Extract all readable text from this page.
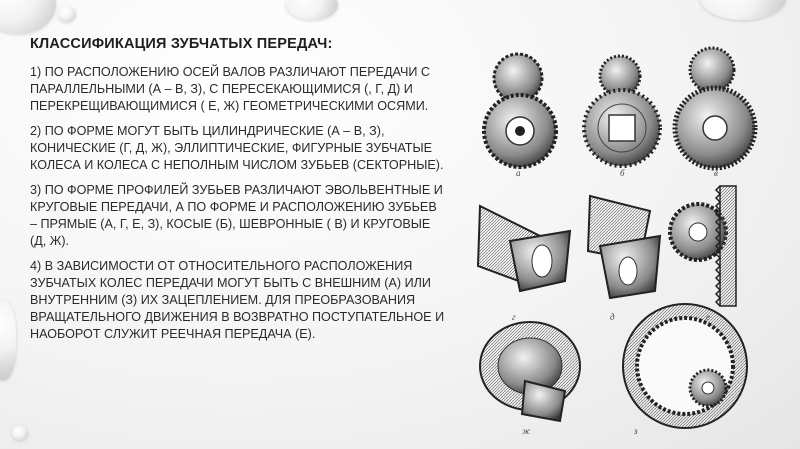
КЛАССИФИКАЦИЯ ЗУБЧАТЫХ ПЕРЕДАЧ:
1) ПО РАСПОЛОЖЕНИЮ ОСЕЙ ВАЛОВ РАЗЛИЧАЮТ ПЕРЕДАЧИ С ПАРАЛЛЕЛЬНЫМИ (А – В, З), С ПЕРЕСЕКАЮЩИМИСЯ (, Г, Д) И ПЕРЕКРЕЩИВАЮЩИМИСЯ ( Е, Ж) ГЕОМЕТРИЧЕСКИМИ ОСЯМИ.
2) ПО ФОРМЕ МОГУТ БЫТЬ ЦИЛИНДРИЧЕСКИЕ (А – В, З), КОНИЧЕСКИЕ (Г, Д, Ж), ЭЛЛИПТИЧЕСКИЕ, ФИГУРНЫЕ ЗУБЧАТЫЕ КОЛЕСА И КОЛЕСА С НЕПОЛНЫМ ЧИСЛОМ ЗУБЬЕВ (СЕКТОРНЫЕ).
3) ПО ФОРМЕ ПРОФИЛЕЙ ЗУБЬЕВ РАЗЛИЧАЮТ ЭВОЛЬВЕНТНЫЕ И КРУГОВЫЕ ПЕРЕДАЧИ, А ПО ФОРМЕ И РАСПОЛОЖЕНИЮ ЗУБЬЕВ – ПРЯМЫЕ (А, Г, Е, З), КОСЫЕ (Б), ШЕВРОННЫЕ ( В) И КРУГОВЫЕ (Д, Ж).
4) В ЗАВИСИМОСТИ ОТ ОТНОСИТЕЛЬНОГО РАСПОЛОЖЕНИЯ ЗУБЧАТЫХ КОЛЕС ПЕРЕДАЧИ МОГУТ БЫТЬ С ВНЕШНИМ (А) ИЛИ ВНУТРЕННИМ (З) ИХ ЗАЦЕПЛЕНИЕМ. ДЛЯ ПРЕОБРАЗОВАНИЯ ВРАЩАТЕЛЬНОГО ДВИЖЕНИЯ В ВОЗВРАТНО ПОСТУПАТЕЛЬНОЕ И НАОБОРОТ СЛУЖИТ РЕЕЧНАЯ ПЕРЕДАЧА (Е).
а	б	в
г	д
ж	з
